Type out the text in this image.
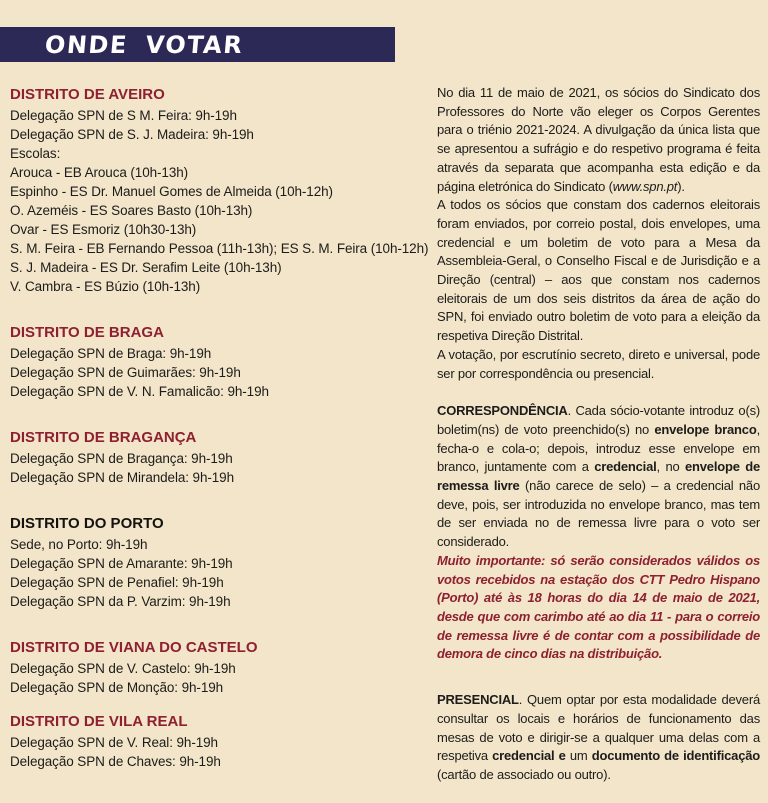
ONDE VOTAR
DISTRITO DE AVEIRO
Delegação SPN de S M. Feira: 9h-19h
Delegação SPN de S. J. Madeira: 9h-19h
Escolas:
Arouca - EB Arouca (10h-13h)
Espinho - ES Dr. Manuel Gomes de Almeida (10h-12h)
O. Azeméis - ES Soares Basto (10h-13h)
Ovar - ES Esmoriz (10h30-13h)
S. M. Feira - EB Fernando Pessoa (11h-13h); ES S. M. Feira (10h-12h)
S. J. Madeira - ES Dr. Serafim Leite (10h-13h)
V. Cambra - ES Búzio (10h-13h)
DISTRITO DE BRAGA
Delegação SPN de Braga: 9h-19h
Delegação SPN de Guimarães: 9h-19h
Delegação SPN de V. N. Famalicão: 9h-19h
DISTRITO DE BRAGANÇA
Delegação SPN de Bragança: 9h-19h
Delegação SPN de Mirandela: 9h-19h
DISTRITO DO PORTO
Sede, no Porto: 9h-19h
Delegação SPN de Amarante: 9h-19h
Delegação SPN de Penafiel: 9h-19h
Delegação SPN da P. Varzim: 9h-19h
DISTRITO DE VIANA DO CASTELO
Delegação SPN de V. Castelo: 9h-19h
Delegação SPN de Monção: 9h-19h
DISTRITO DE VILA REAL
Delegação SPN de V. Real: 9h-19h
Delegação SPN de Chaves: 9h-19h

No dia 11 de maio de 2021, os sócios do Sindicato dos Professores do Norte vão eleger os Corpos Gerentes para o triénio 2021-2024. A divulgação da única lista que se apresentou a sufrágio e do respetivo programa é feita através da separata que acompanha esta edição e da página eletrónica do Sindicato (www.spn.pt).

A todos os sócios que constam dos cadernos eleitorais foram enviados, por correio postal, dois envelopes, uma credencial e um boletim de voto para a Mesa da Assembleia-Geral, o Conselho Fiscal e de Jurisdição e a Direção (central) – aos que constam nos cadernos eleitorais de um dos seis distritos da área de ação do SPN, foi enviado outro boletim de voto para a eleição da respetiva Direção Distrital.

A votação, por escrutínio secreto, direto e universal, pode ser por correspondência ou presencial.

CORRESPONDÊNCIA. Cada sócio-votante introduz o(s) boletim(ns) de voto preenchido(s) no envelope branco, fecha-o e cola-o; depois, introduz esse envelope em branco, juntamente com a credencial, no envelope de remessa livre (não carece de selo) – a credencial não deve, pois, ser introduzida no envelope branco, mas tem de ser enviada no de remessa livre para o voto ser considerado.

Muito importante: só serão considerados válidos os votos recebidos na estação dos CTT Pedro Hispano (Porto) até às 18 horas do dia 14 de maio de 2021, desde que com carimbo até ao dia 11 - para o correio de remessa livre é de contar com a possibilidade de demora de cinco dias na distribuição.

PRESENCIAL. Quem optar por esta modalidade deverá consultar os locais e horários de funcionamento das mesas de voto e dirigir-se a qualquer uma delas com a respetiva credencial e um documento de identificação (cartão de associado ou outro).
